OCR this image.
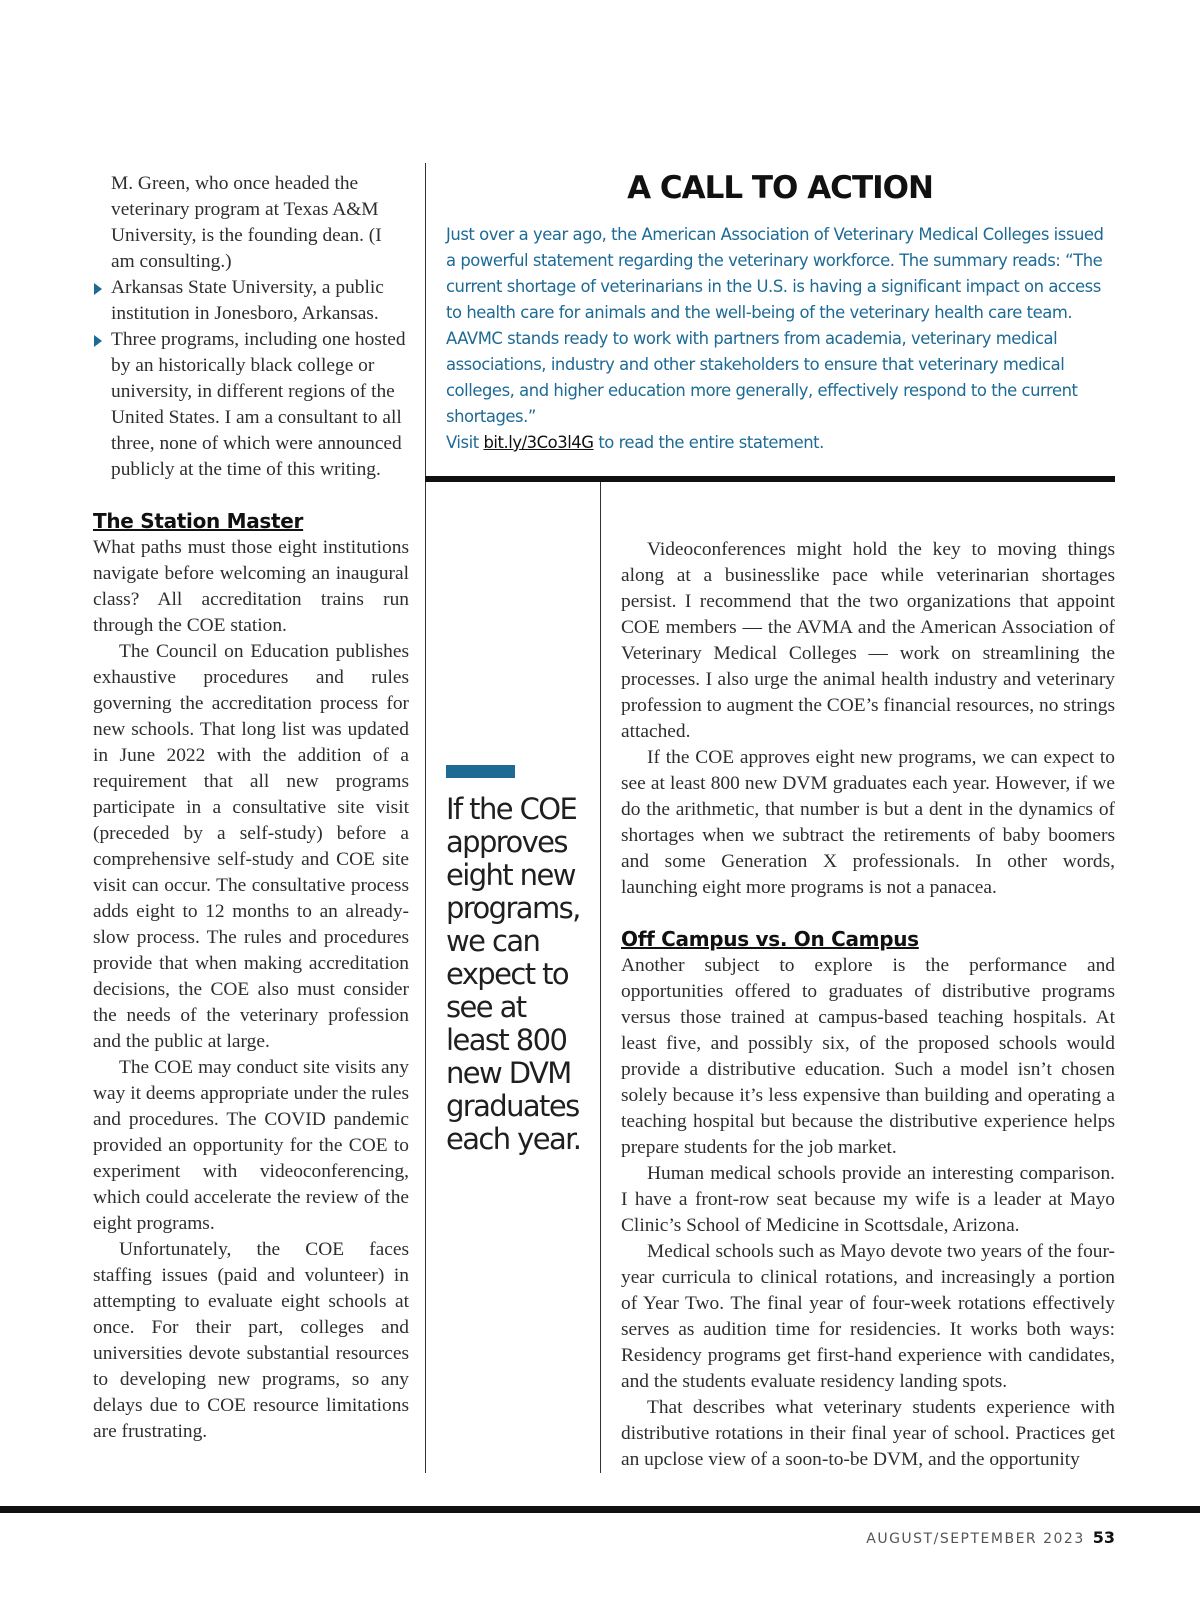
M. Green, who once headed the veterinary program at Texas A&M University, is the founding dean. (I am consulting.)

Arkansas State University, a public institution in Jonesboro, Arkansas.
Three programs, including one hosted by an historically black college or university, in different regions of the United States. I am a consultant to all three, none of which were announced publicly at the time of this writing.
The Station Master

What paths must those eight institutions navigate before welcoming an inaugural class? All accreditation trains run through the COE station.

The Council on Education publishes exhaustive procedures and rules governing the accreditation process for new schools. That long list was updated in June 2022 with the addition of a requirement that all new programs participate in a consultative site visit (preceded by a self-study) before a comprehensive self-study and COE site visit can occur. The consultative process adds eight to 12 months to an already-slow process. The rules and procedures provide that when making accreditation decisions, the COE also must consider the needs of the veterinary profession and the public at large.

The COE may conduct site visits any way it deems appropriate under the rules and procedures. The COVID pandemic provided an opportunity for the COE to experiment with videoconferencing, which could accelerate the review of the eight programs.

Unfortunately, the COE faces staffing issues (paid and volunteer) in attempting to evaluate eight schools at once. For their part, colleges and universities devote substantial resources to developing new programs, so any delays due to COE resource limitations are frustrating.

A CALL TO ACTION
Just over a year ago, the American Association of Veterinary Medical Colleges issued a powerful statement regarding the veterinary workforce. The summary reads: “The current shortage of veterinarians in the U.S. is having a significant impact on access to health care for animals and the well-being of the veterinary health care team. AAVMC stands ready to work with partners from academia, veterinary medical associations, industry and other stakeholders to ensure that veterinary medical colleges, and higher education more generally, effectively respond to the current shortages.”
Visit bit.ly/3Co3l4G to read the entire statement.
If the COE approves eight new programs, we can expect to see at least 800 new DVM graduates each year.

Videoconferences might hold the key to moving things along at a businesslike pace while veterinarian shortages persist. I recommend that the two organizations that appoint COE members — the AVMA and the American Association of Veterinary Medical Colleges — work on streamlining the processes. I also urge the animal health industry and veterinary profession to augment the COE’s financial resources, no strings attached.

If the COE approves eight new programs, we can expect to see at least 800 new DVM graduates each year. However, if we do the arithmetic, that number is but a dent in the dynamics of shortages when we subtract the retirements of baby boomers and some Generation X professionals. In other words, launching eight more programs is not a panacea.

Off Campus vs. On Campus

Another subject to explore is the performance and opportunities offered to graduates of distributive programs versus those trained at campus-based teaching hospitals. At least five, and possibly six, of the proposed schools would provide a distributive education. Such a model isn’t chosen solely because it’s less expensive than building and operating a teaching hospital but because the distributive experience helps prepare students for the job market.

Human medical schools provide an interesting comparison. I have a front-row seat because my wife is a leader at Mayo Clinic’s School of Medicine in Scottsdale, Arizona.

Medical schools such as Mayo devote two years of the four-year curricula to clinical rotations, and increasingly a portion of Year Two. The final year of four-week rotations effectively serves as audition time for residencies. It works both ways: Residency programs get first-hand experience with candidates, and the students evaluate residency landing spots.

That describes what veterinary students experience with distributive rotations in their final year of school. Practices get an upclose view of a soon-to-be DVM, and the opportunity

AUGUST/SEPTEMBER 2023 53
